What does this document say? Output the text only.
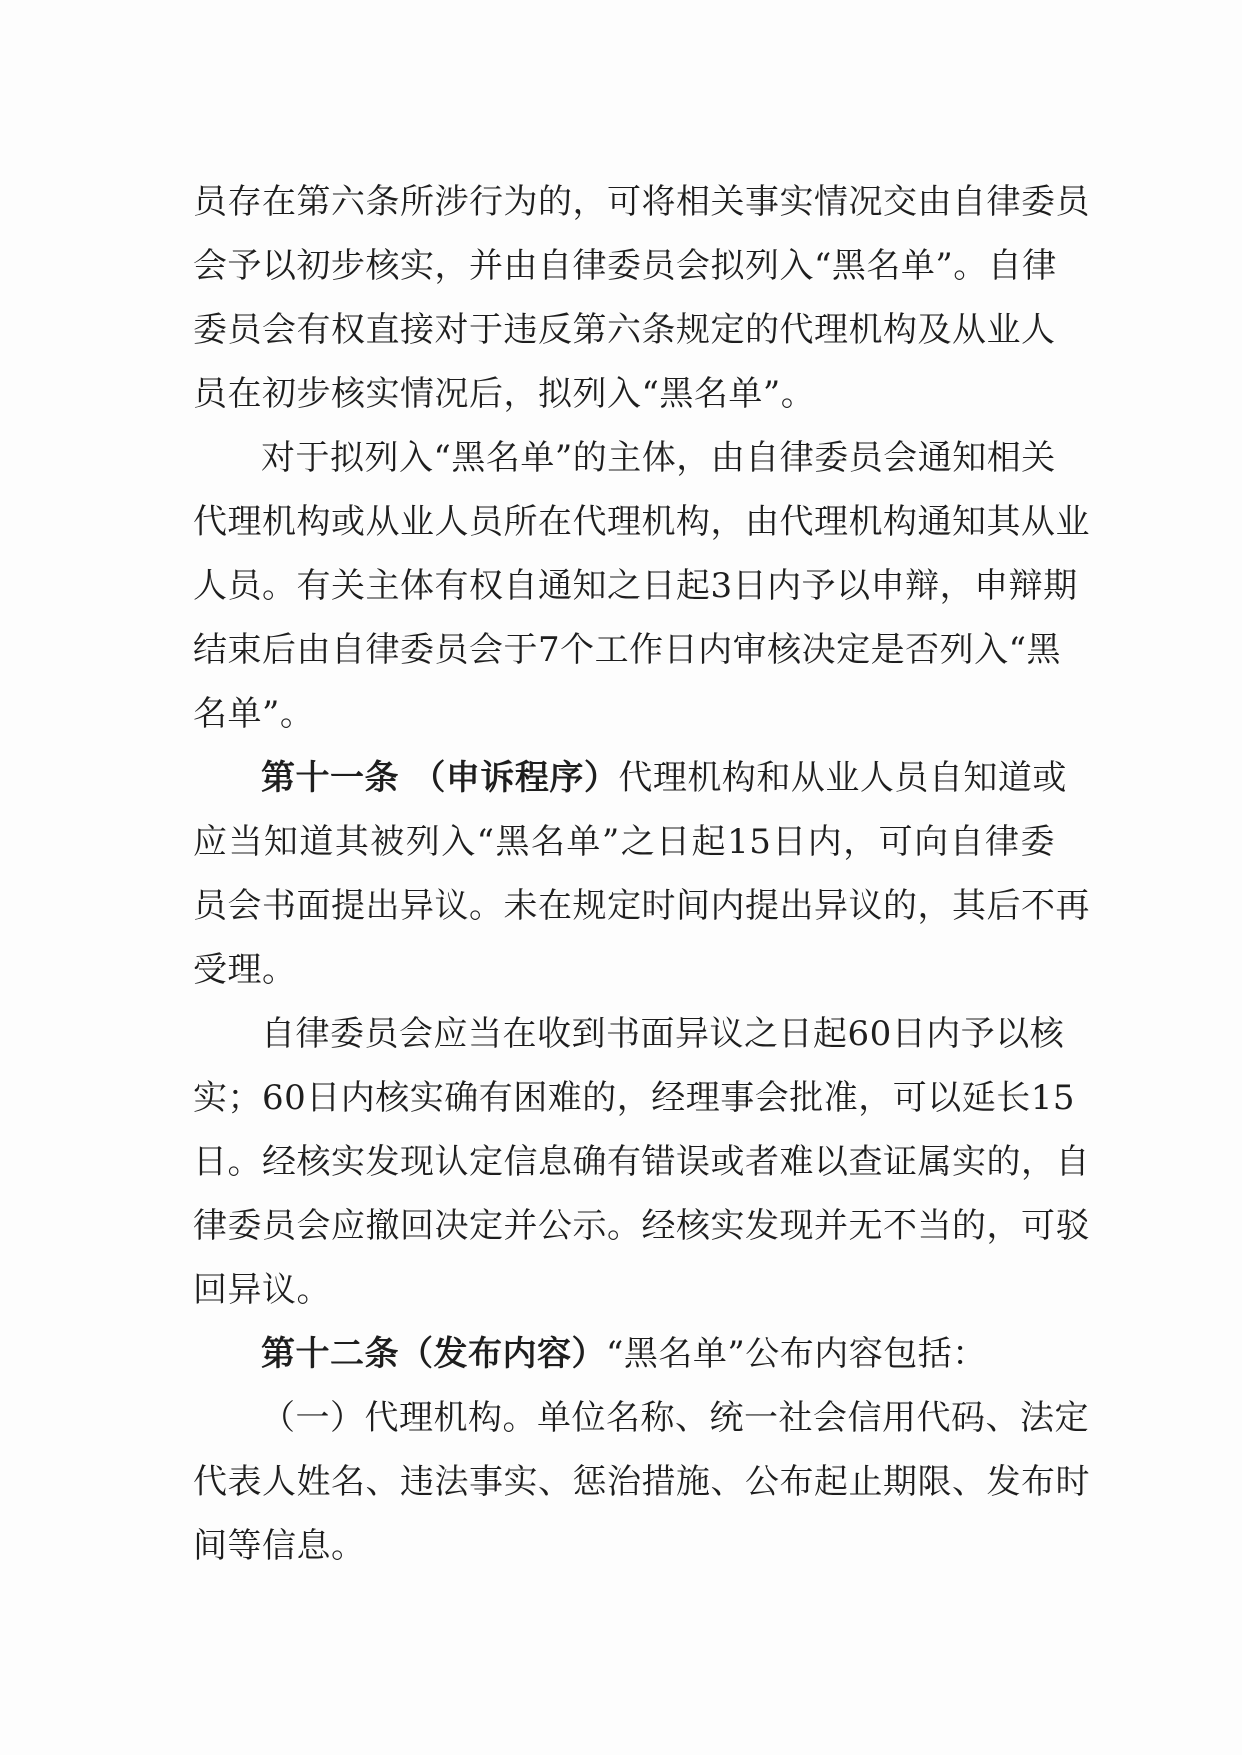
员存在第六条所涉行为的，可将相关事实情况交由自律委员
会予以初步核实，并由自律委员会拟列入“黑名单”。自律
委员会有权直接对于违反第六条规定的代理机构及从业人
员在初步核实情况后，拟列入“黑名单”。
对于拟列入“黑名单”的主体，由自律委员会通知相关
代理机构或从业人员所在代理机构，由代理机构通知其从业
人员。有关主体有权自通知之日起3日内予以申辩，申辩期
结束后由自律委员会于7个工作日内审核决定是否列入“黑
名单”。
第十一条 （申诉程序）代理机构和从业人员自知道或
应当知道其被列入“黑名单”之日起15日内，可向自律委
员会书面提出异议。未在规定时间内提出异议的，其后不再
受理。
自律委员会应当在收到书面异议之日起60日内予以核
实；60日内核实确有困难的，经理事会批准，可以延长15
日。经核实发现认定信息确有错误或者难以查证属实的，自
律委员会应撤回决定并公示。经核实发现并无不当的，可驳
回异议。
第十二条（发布内容）“黑名单”公布内容包括：
（一）代理机构。单位名称、统一社会信用代码、法定
代表人姓名、违法事实、惩治措施、公布起止期限、发布时
间等信息。
